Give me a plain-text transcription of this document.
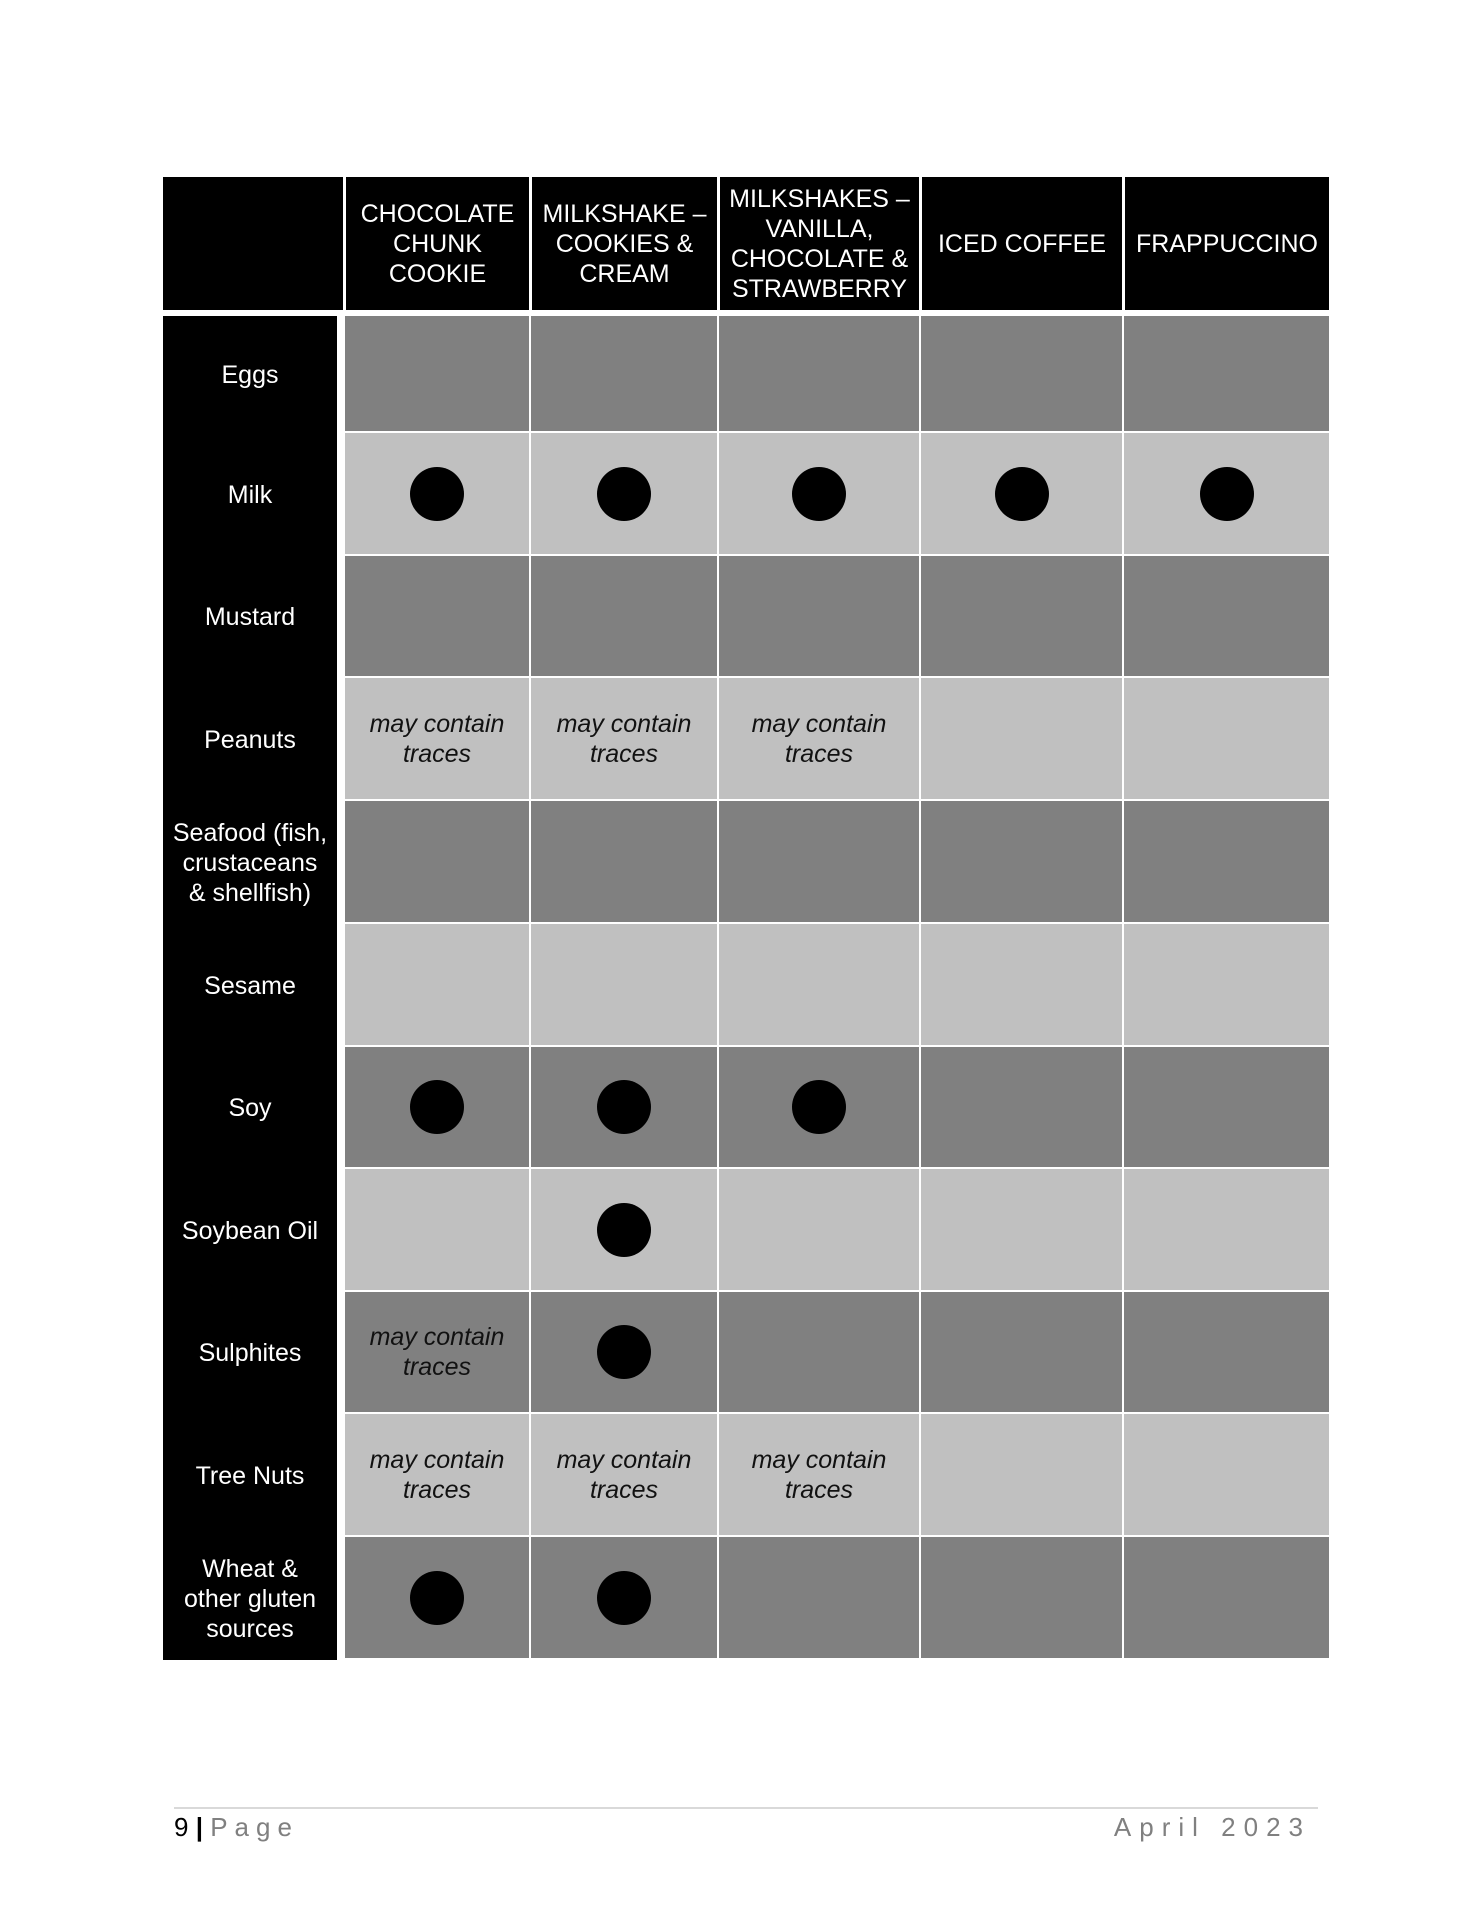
CHOCOLATE CHUNK COOKIE
MILKSHAKE – COOKIES & CREAM
MILKSHAKES – VANILLA, CHOCOLATE & STRAWBERRY
ICED COFFEE	FRAPPUCCINO
Eggs
Milk
Mustard
Peanuts
may contain traces
may contain traces
may contain traces
Seafood (fish, crustaceans & shellfish)
Sesame
Soy
Soybean Oil
Sulphites
may contain traces
Tree Nuts
may contain traces
may contain traces
may contain traces
Wheat & other gluten sources
9 | Page	April 2023
